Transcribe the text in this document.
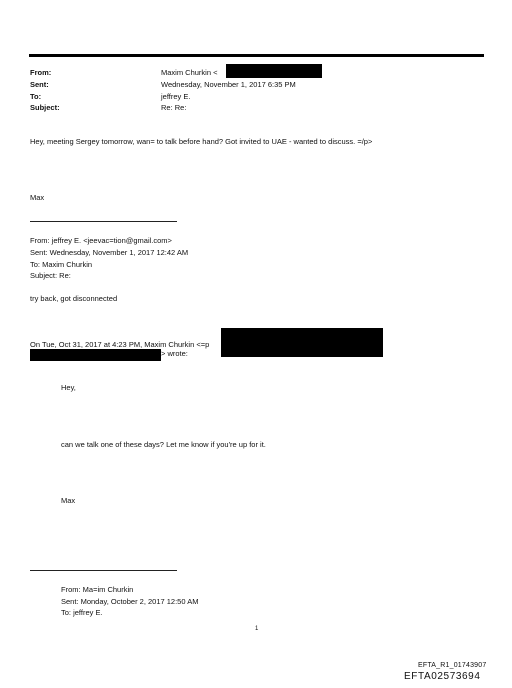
From:
Sent:
To:
Subject:
Maxim Churkin <
Wednesday, November 1, 2017 6:35 PM
jeffrey E.
Re: Re:
Hey, meeting Sergey tomorrow, wan= to talk before hand? Got invited to UAE - wanted to discuss. =/p>
Max
From: jeffrey E. <jeevac=tion@gmail.com>
Sent: Wednesday, November 1, 2017 12:42 AM
To: Maxim Churkin
Subject: Re:
try back, got disconnected
On Tue, Oct 31, 2017 at 4:23 PM, Maxim Churkin <=p
> wrote:
Hey,
can we talk one of these days? Let me know if you're up for it.
Max
From: Ma=im Churkin
Sent: Monday, October 2, 2017 12:50 AM
To: jeffrey E.
1
EFTA_R1_01743907
EFTA02573694
